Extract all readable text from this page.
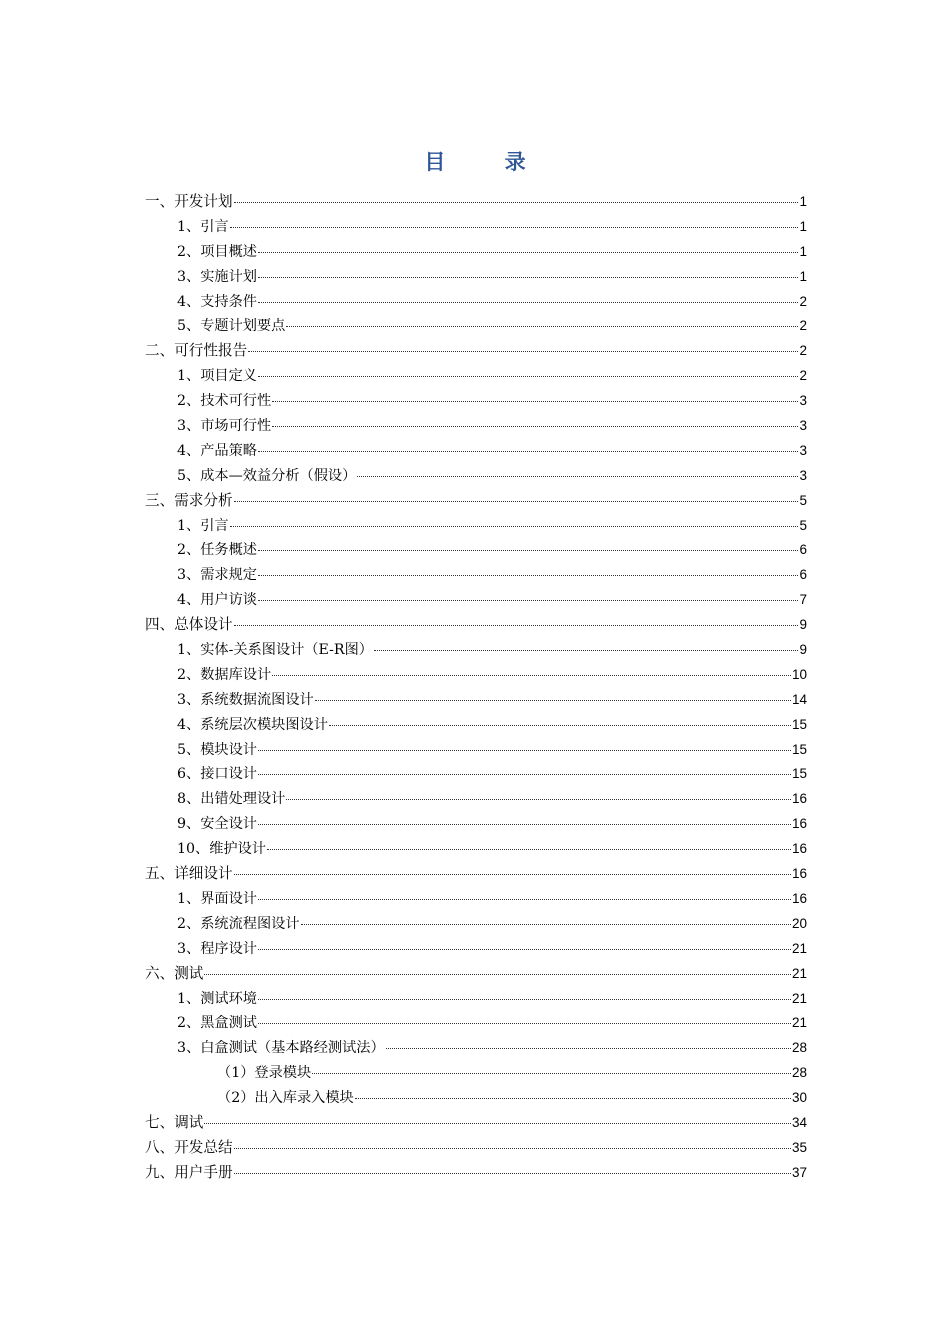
目 录
一、开发计划	1
1、引言	1
2、项目概述	1
3、实施计划	1
4、支持条件	2
5、专题计划要点	2
二、可行性报告	2
1、项目定义	2
2、技术可行性	3
3、市场可行性	3
4、产品策略	3
5、成本—效益分析（假设）	3
三、需求分析	5
1、引言	5
2、任务概述	6
3、需求规定	6
4、用户访谈	7
四、总体设计	9
1、实体-关系图设计（E-R图）	9
2、数据库设计	10
3、系统数据流图设计	14
4、系统层次模块图设计	15
5、模块设计	15
6、接口设计	15
8、出错处理设计	16
9、安全设计	16
10、维护设计	16
五、详细设计	16
1、界面设计	16
2、系统流程图设计	20
3、程序设计	21
六、测试	21
1、测试环境	21
2、黑盒测试	21
3、白盒测试（基本路经测试法）	28
（1）登录模块	28
（2）出入库录入模块	30
七、调试	34
八、开发总结	35
九、用户手册	37
